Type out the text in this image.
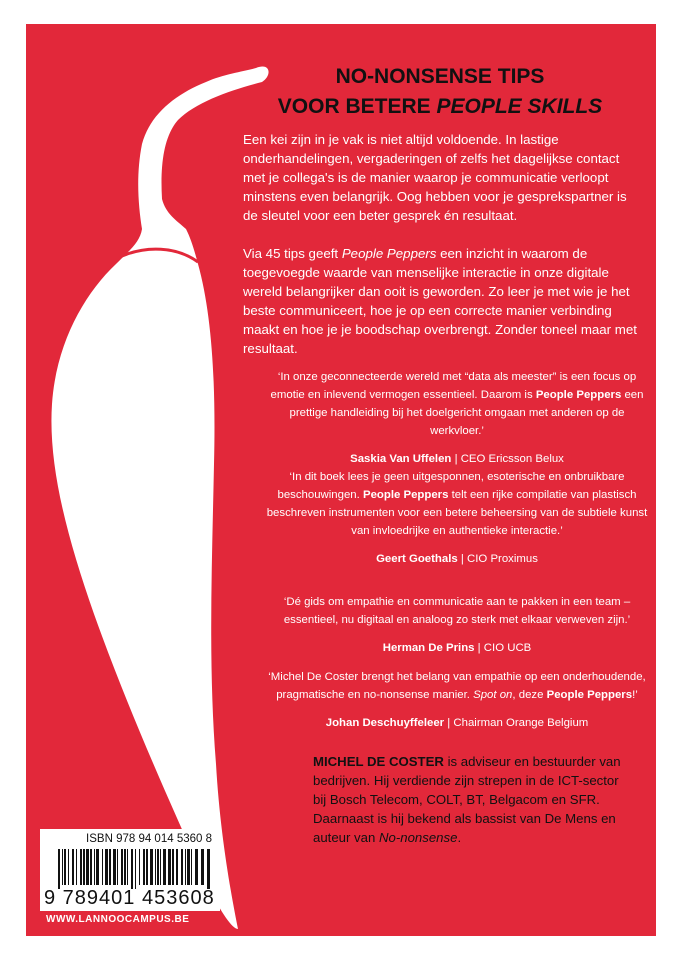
NO-NONSENSE TIPS
VOOR BETERE PEOPLE SKILLS

Een kei zijn in je vak is niet altijd voldoende. In lastige onderhandelingen, vergaderingen of zelfs het dagelijkse contact met je collega's is de manier waarop je communicatie verloopt minstens even belangrijk. Oog hebben voor je gesprekspartner is de sleutel voor een beter gesprek én resultaat.

Via 45 tips geeft People Peppers een inzicht in waarom de toegevoegde waarde van menselijke interactie in onze digitale wereld belangrijker dan ooit is geworden. Zo leer je met wie je het beste communiceert, hoe je op een correcte manier verbinding maakt en hoe je je boodschap overbrengt. Zonder toneel maar met resultaat.

‘In onze geconnecteerde wereld met “data als meester” is een focus op emotie en inlevend vermogen essentieel. Daarom is People Peppers een prettige handleiding bij het doelgericht omgaan met anderen op de werkvloer.’

Saskia Van Uffelen | CEO Ericsson Belux

‘In dit boek lees je geen uitgesponnen, esoterische en onbruikbare beschouwingen. People Peppers telt een rijke compilatie van plastisch beschreven instrumenten voor een betere beheersing van de subtiele kunst van invloedrijke en authentieke interactie.’

Geert Goethals | CIO Proximus

‘Dé gids om empathie en communicatie aan te pakken in een team – essentieel, nu digitaal en analoog zo sterk met elkaar verweven zijn.’

Herman De Prins | CIO UCB

‘Michel De Coster brengt het belang van empathie op een onderhoudende, pragmatische en no-nonsense manier. Spot on, deze People Peppers!’

Johan Deschuyffeleer | Chairman Orange Belgium

MICHEL DE COSTER is adviseur en bestuurder van bedrijven. Hij verdiende zijn strepen in de ICT-sector bij Bosch Telecom, COLT, BT, Belgacom en SFR. Daarnaast is hij bekend als bassist van De Mens en auteur van No-nonsense.
ISBN 978 94 014 5360 8
9 789401 453608
WWW.LANNOOCAMPUS.BE
